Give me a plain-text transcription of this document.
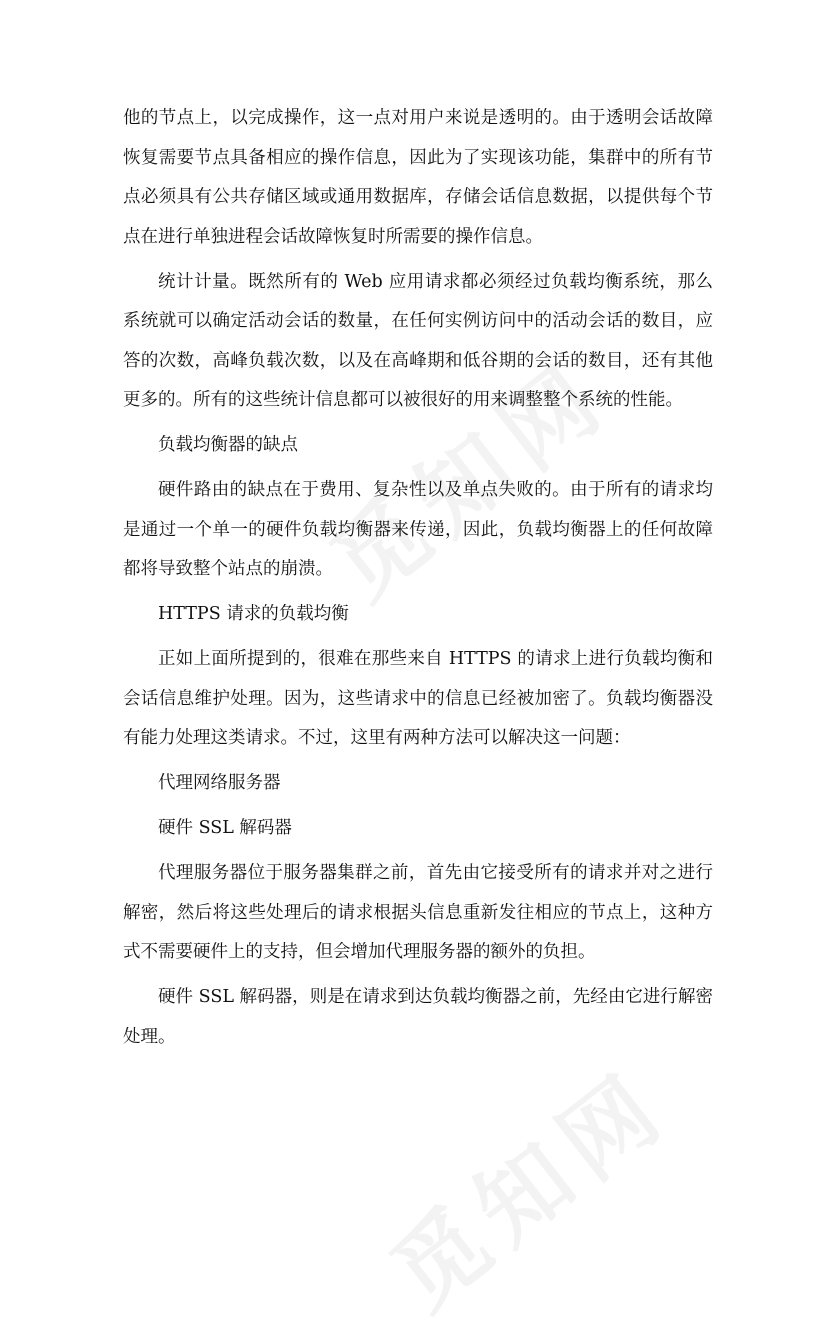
他的节点上，以完成操作，这一点对用户来说是透明的。由于透明会话故障恢复需要节点具备相应的操作信息，因此为了实现该功能，集群中的所有节点必须具有公共存储区域或通用数据库，存储会话信息数据，以提供每个节点在进行单独进程会话故障恢复时所需要的操作信息。

统计计量。既然所有的 Web 应用请求都必须经过负载均衡系统，那么系统就可以确定活动会话的数量，在任何实例访问中的活动会话的数目，应答的次数，高峰负载次数，以及在高峰期和低谷期的会话的数目，还有其他更多的。所有的这些统计信息都可以被很好的用来调整整个系统的性能。

负载均衡器的缺点

硬件路由的缺点在于费用、复杂性以及单点失败的。由于所有的请求均是通过一个单一的硬件负载均衡器来传递，因此，负载均衡器上的任何故障都将导致整个站点的崩溃。

HTTPS 请求的负载均衡

正如上面所提到的，很难在那些来自 HTTPS 的请求上进行负载均衡和会话信息维护处理。因为，这些请求中的信息已经被加密了。负载均衡器没有能力处理这类请求。不过，这里有两种方法可以解决这一问题：

代理网络服务器

硬件 SSL 解码器

代理服务器位于服务器集群之前，首先由它接受所有的请求并对之进行解密，然后将这些处理后的请求根据头信息重新发往相应的节点上，这种方式不需要硬件上的支持，但会增加代理服务器的额外的负担。

硬件 SSL 解码器，则是在请求到达负载均衡器之前，先经由它进行解密处理。
